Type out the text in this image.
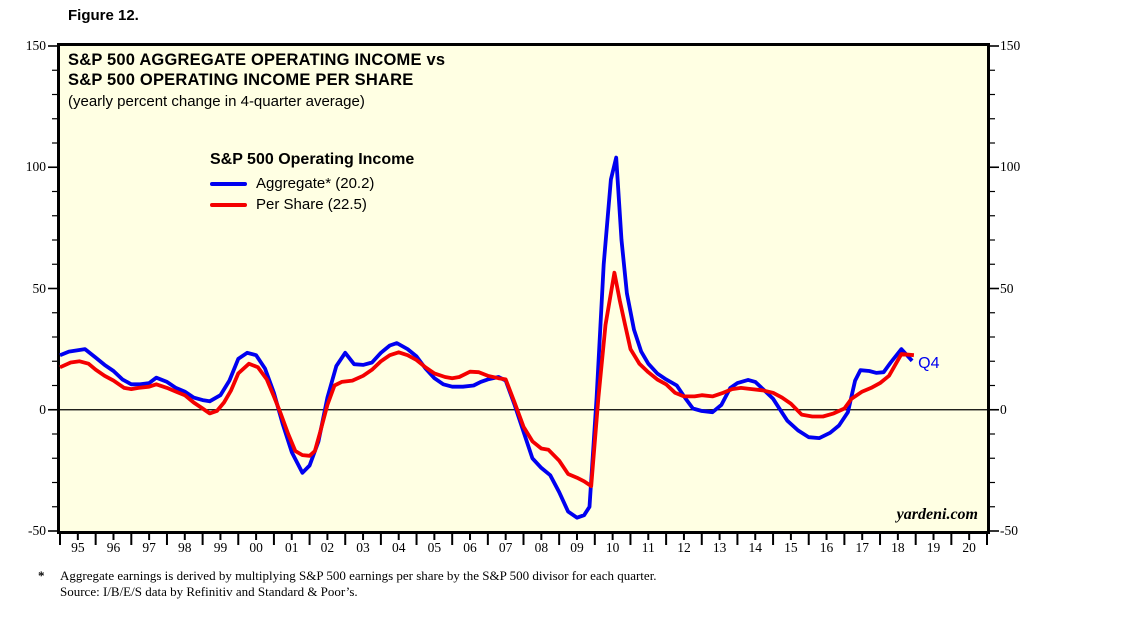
Figure 12.
150	150
100	100
50	50
0	0
-50	-50
95	96	97	98	99	00	01	02	03	04	05	06	07	08	09	10	11	12	13	14	15	16	17	18	19	20
S&P 500 AGGREGATE OPERATING INCOME vs
S&P 500 OPERATING INCOME PER SHARE
(yearly percent change in 4-quarter average)
S&P 500 Operating Income
Aggregate* (20.2)
Per Share (22.5)
Q4
yardeni.com
* Aggregate earnings is derived by multiplying S&P 500 earnings per share by the S&P 500 divisor for each quarter.
Source: I/B/E/S data by Refinitiv and Standard & Poor’s.
